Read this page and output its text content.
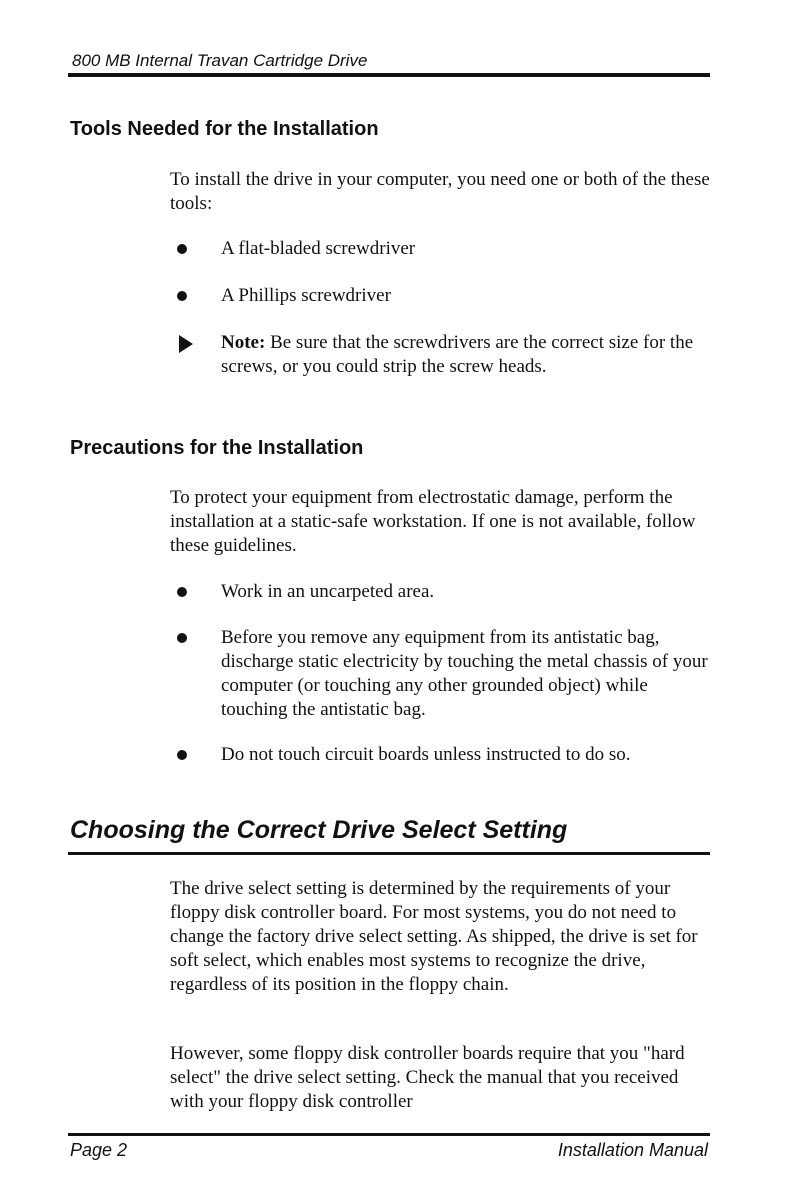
800 MB Internal Travan Cartridge Drive
Tools Needed for the Installation

To install the drive in your computer, you need one or both of the these tools:

A flat-bladed screwdriver
A Phillips screwdriver
Note: Be sure that the screwdrivers are the correct size for the screws, or you could strip the screw heads.
Precautions for the Installation

To protect your equipment from electrostatic damage, perform the installation at a static-safe workstation. If one is not available, follow these guidelines.

Work in an uncarpeted area.
Before you remove any equipment from its antistatic bag, discharge static electricity by touching the metal chassis of your computer (or touching any other grounded object) while touching the antistatic bag.
Do not touch circuit boards unless instructed to do so.
Choosing the Correct Drive Select Setting

The drive select setting is determined by the requirements of your floppy disk controller board. For most systems, you do not need to change the factory drive select setting. As shipped, the drive is set for soft select, which enables most systems to recognize the drive, regardless of its position in the floppy chain.

However, some floppy disk controller boards require that you "hard select" the drive select setting. Check the manual that you received with your floppy disk controller

Page 2	Installation Manual
